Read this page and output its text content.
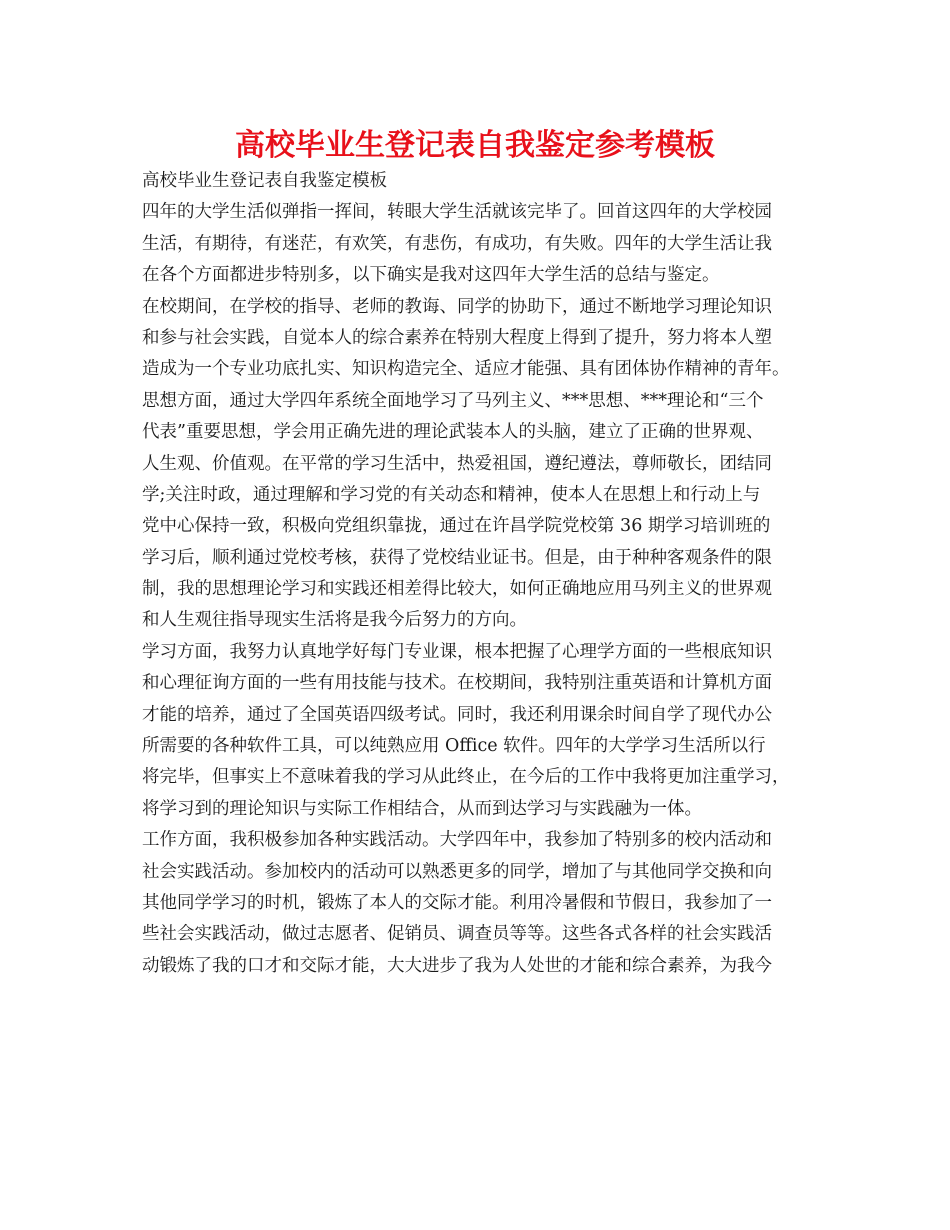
高校毕业生登记表自我鉴定参考模板
高校毕业生登记表自我鉴定模板
四年的大学生活似弹指一挥间，转眼大学生活就该完毕了。回首这四年的大学校园
生活，有期待，有迷茫，有欢笑，有悲伤，有成功，有失败。四年的大学生活让我
在各个方面都进步特别多，以下确实是我对这四年大学生活的总结与鉴定。
在校期间，在学校的指导、老师的教诲、同学的协助下，通过不断地学习理论知识
和参与社会实践，自觉本人的综合素养在特别大程度上得到了提升，努力将本人塑
造成为一个专业功底扎实、知识构造完全、适应才能强、具有团体协作精神的青年。
思想方面，通过大学四年系统全面地学习了马列主义、***思想、***理论和“三个
代表”重要思想，学会用正确先进的理论武装本人的头脑，建立了正确的世界观、
人生观、价值观。在平常的学习生活中，热爱祖国，遵纪遵法，尊师敬长，团结同
学;关注时政，通过理解和学习党的有关动态和精神，使本人在思想上和行动上与
党中心保持一致，积极向党组织靠拢，通过在许昌学院党校第 36 期学习培训班的
学习后，顺利通过党校考核，获得了党校结业证书。但是，由于种种客观条件的限
制，我的思想理论学习和实践还相差得比较大，如何正确地应用马列主义的世界观
和人生观往指导现实生活将是我今后努力的方向。
学习方面，我努力认真地学好每门专业课，根本把握了心理学方面的一些根底知识
和心理征询方面的一些有用技能与技术。在校期间，我特别注重英语和计算机方面
才能的培养，通过了全国英语四级考试。同时，我还利用课余时间自学了现代办公
所需要的各种软件工具，可以纯熟应用 Office 软件。四年的大学学习生活所以行
将完毕，但事实上不意味着我的学习从此终止，在今后的工作中我将更加注重学习，
将学习到的理论知识与实际工作相结合，从而到达学习与实践融为一体。
工作方面，我积极参加各种实践活动。大学四年中，我参加了特别多的校内活动和
社会实践活动。参加校内的活动可以熟悉更多的同学，增加了与其他同学交换和向
其他同学学习的时机，锻炼了本人的交际才能。利用冷暑假和节假日，我参加了一
些社会实践活动，做过志愿者、促销员、调查员等等。这些各式各样的社会实践活
动锻炼了我的口才和交际才能，大大进步了我为人处世的才能和综合素养，为我今
